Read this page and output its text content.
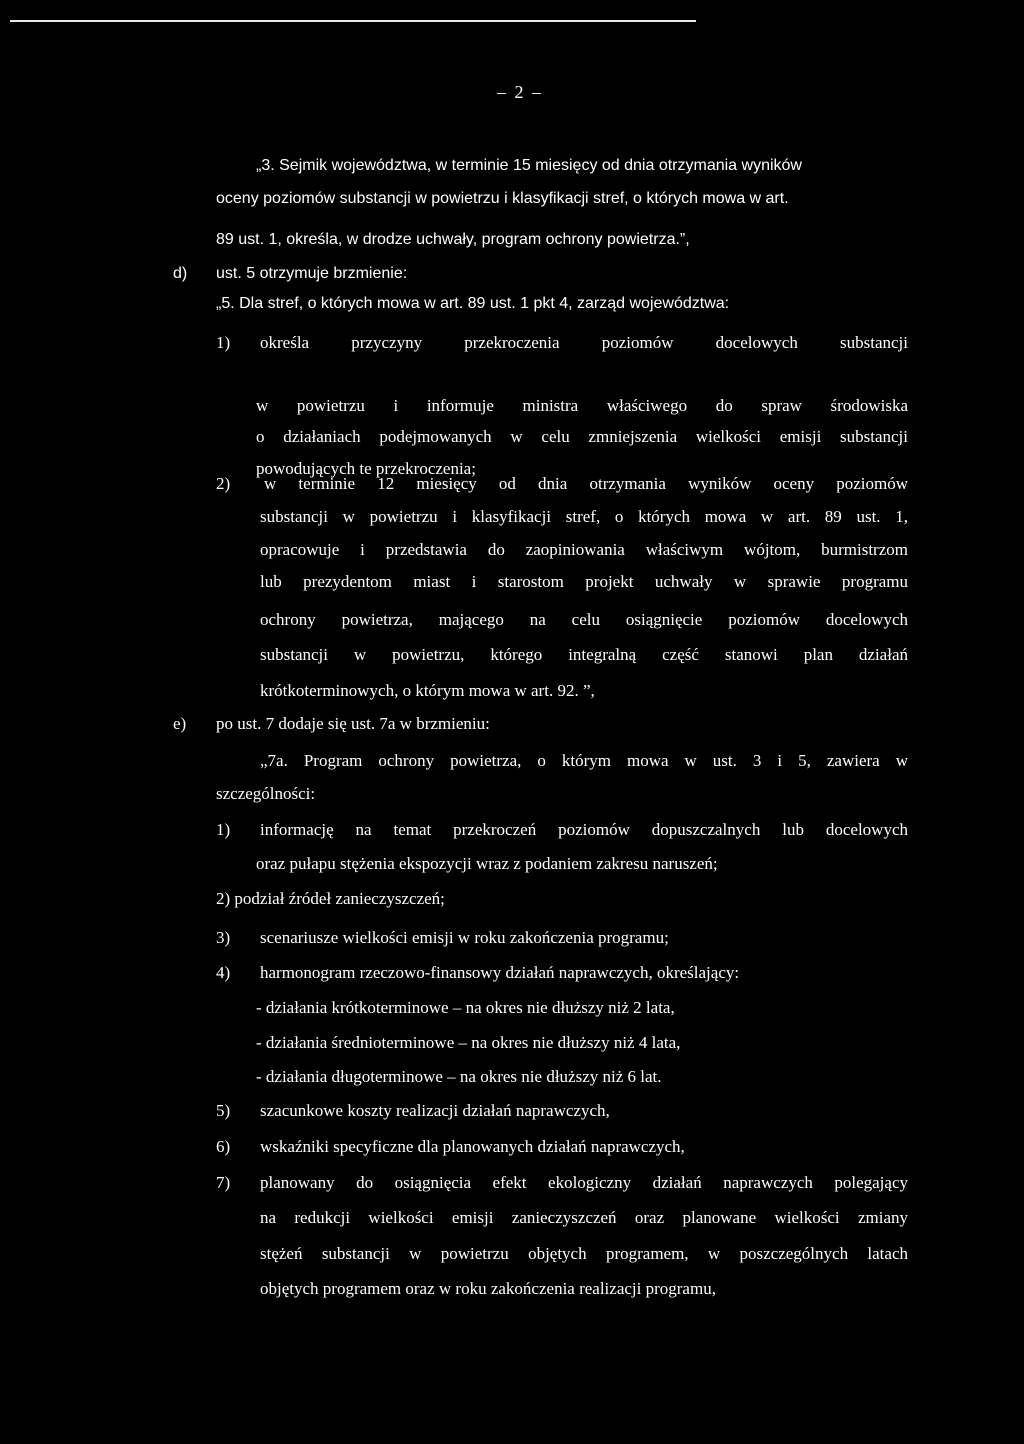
– 2 –
„3. Sejmik województwa, w terminie 15 miesięcy od dnia otrzymania wyników
oceny poziomów substancji w powietrzu i klasyfikacji stref, o których mowa w art.
89 ust. 1, określa, w drodze uchwały, program ochrony powietrza.”,
d) ust. 5 otrzymuje brzmienie:
„5. Dla stref, o których mowa w art. 89 ust. 1 pkt 4, zarząd województwa:
1) określa przyczyny przekroczenia poziomów docelowych substancji
w powietrzu i informuje ministra właściwego do spraw środowiska
o działaniach podejmowanych w celu zmniejszenia wielkości emisji substancji
powodujących te przekroczenia;
2) w terminie 12 miesięcy od dnia otrzymania wyników oceny poziomów
substancji w powietrzu i klasyfikacji stref, o których mowa w art. 89 ust. 1,
opracowuje i przedstawia do zaopiniowania właściwym wójtom, burmistrzom
lub prezydentom miast i starostom projekt uchwały w sprawie programu
ochrony powietrza, mającego na celu osiągnięcie poziomów docelowych
substancji w powietrzu, którego integralną część stanowi plan działań
krótkoterminowych, o którym mowa w art. 92. ”,
e) po ust. 7 dodaje się ust. 7a w brzmieniu:
„7a. Program ochrony powietrza, o którym mowa w ust. 3 i 5, zawiera w
szczególności:
1) informację na temat przekroczeń poziomów dopuszczalnych lub docelowych
oraz pułapu stężenia ekspozycji wraz z podaniem zakresu naruszeń;
2) podział źródeł zanieczyszczeń;
3) scenariusze wielkości emisji w roku zakończenia programu;
4) harmonogram rzeczowo-finansowy działań naprawczych, określający:
- działania krótkoterminowe – na okres nie dłuższy niż 2 lata,
- działania średnioterminowe – na okres nie dłuższy niż 4 lata,
- działania długoterminowe – na okres nie dłuższy niż 6 lat.
5) szacunkowe koszty realizacji działań naprawczych,
6) wskaźniki specyficzne dla planowanych działań naprawczych,
7) planowany do osiągnięcia efekt ekologiczny działań naprawczych polegający
na redukcji wielkości emisji zanieczyszczeń oraz planowane wielkości zmiany
stężeń substancji w powietrzu objętych programem, w poszczególnych latach
objętych programem oraz w roku zakończenia realizacji programu,
